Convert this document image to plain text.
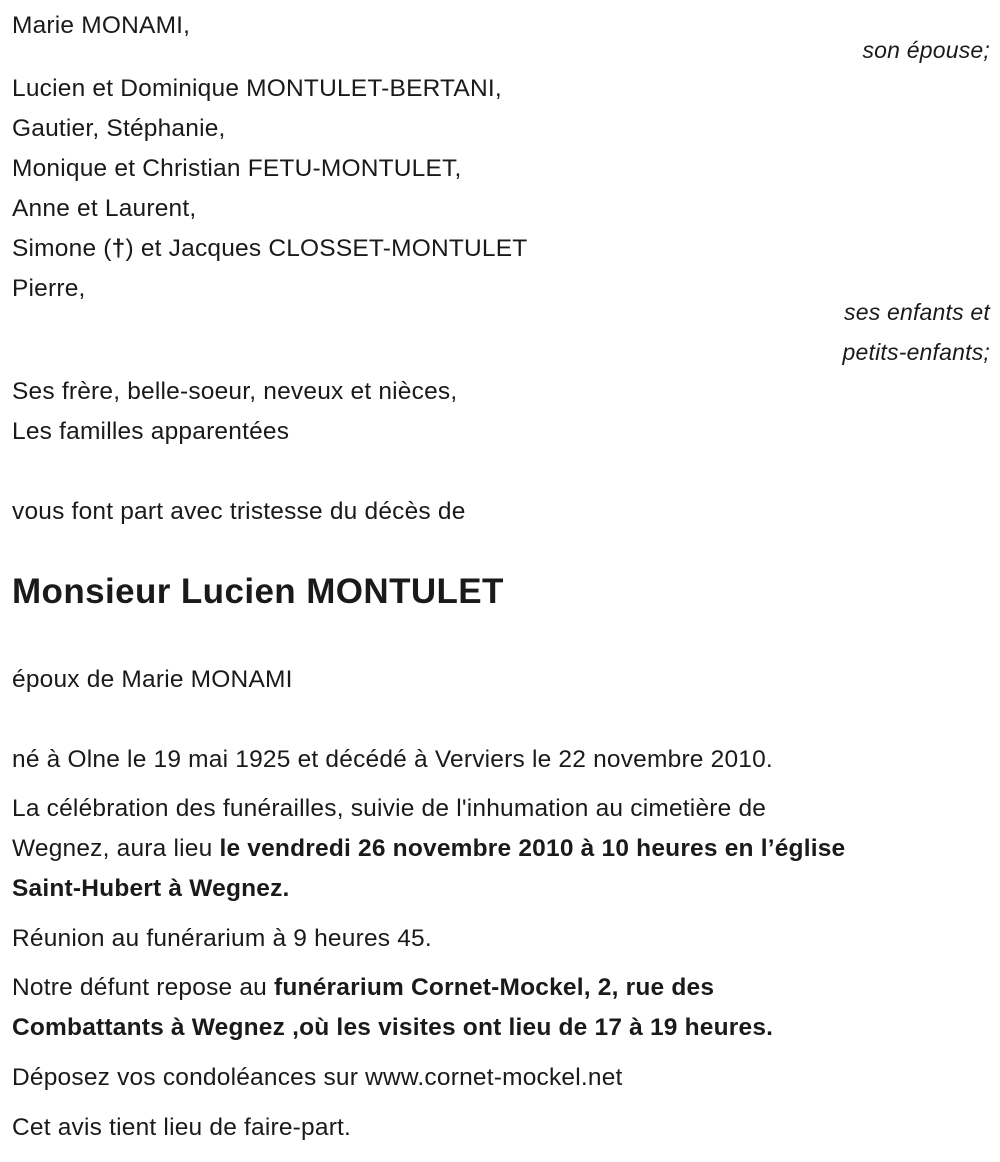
Marie MONAMI,
son épouse;
Lucien et Dominique MONTULET-BERTANI,
Gautier, Stéphanie,
Monique et Christian FETU-MONTULET,
Anne et Laurent,
Simone (†) et Jacques CLOSSET-MONTULET
Pierre,
ses enfants et
petits-enfants;
Ses frère, belle-soeur, neveux et nièces,
Les familles apparentées
vous font part avec tristesse du décès de
Monsieur Lucien MONTULET
époux de Marie MONAMI
né à Olne le 19 mai 1925 et décédé à Verviers le 22 novembre 2010.
La célébration des funérailles, suivie de l'inhumation au cimetière de
Wegnez, aura lieu le vendredi 26 novembre 2010 à 10 heures en l’église
Saint-Hubert à Wegnez.
Réunion au funérarium à 9 heures 45.
Notre défunt repose au funérarium Cornet-Mockel, 2, rue des
Combattants à Wegnez ,où les visites ont lieu de 17 à 19 heures.
Déposez vos condoléances sur www.cornet-mockel.net
Cet avis tient lieu de faire-part.
